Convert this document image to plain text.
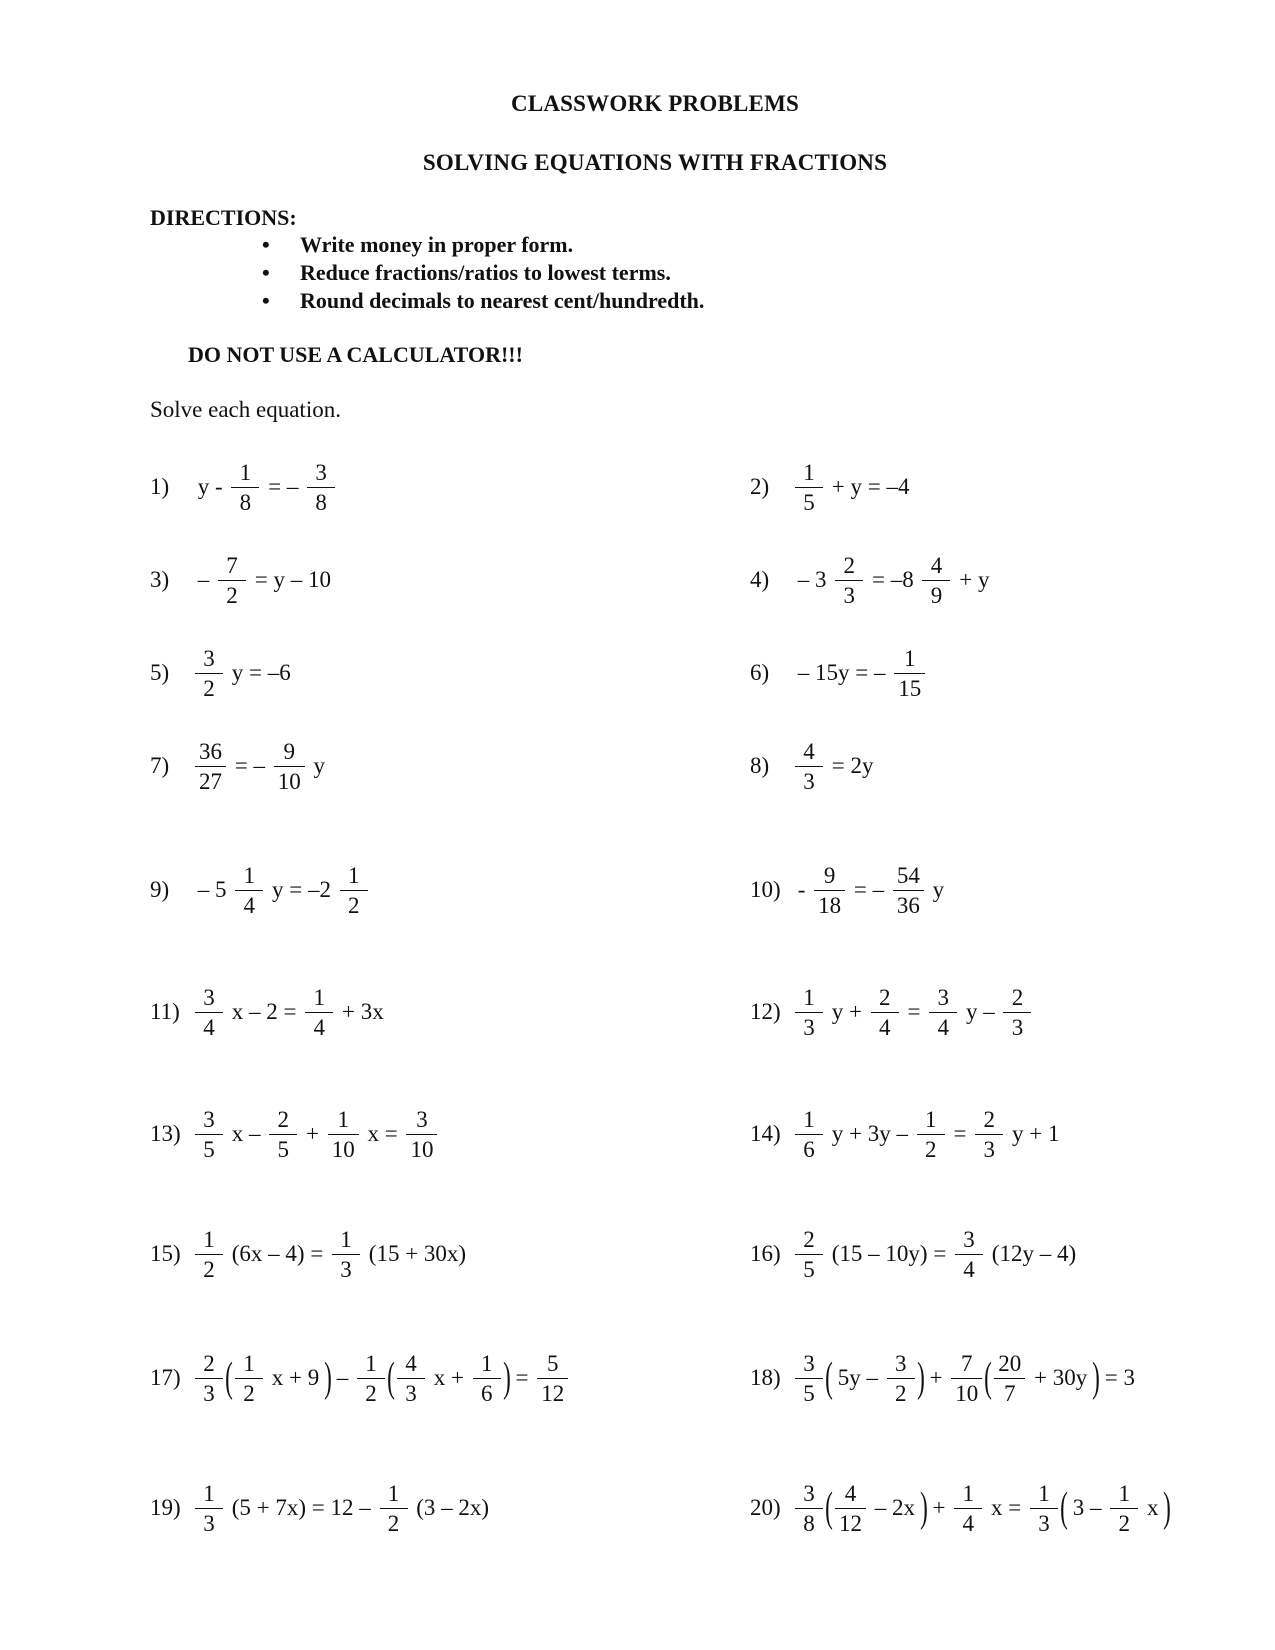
CLASSWORK PROBLEMS
SOLVING EQUATIONS WITH FRACTIONS
DIRECTIONS:
• Write money in proper form.
• Reduce fractions/ratios to lowest terms.
• Round decimals to nearest cent/hundredth.
DO NOT USE A CALCULATOR!!!
Solve each equation.
1) y - $\frac{1}{8}$ = – $\frac{3}{8}$	2)	$\frac{1}{5} + y = -4$
$3) - \frac{7}{2} = y - 10$	$4) - 3 \frac{2}{3} = -8 \frac{4}{9} + y$
5)	$\frac{3}{2}$ y = –6	6) – 15y = – $\frac{1}{15}$
7)	$\frac{36}{27}$ = – $\frac{9}{10}$ y	8)	$\frac{4}{3} = 2y$
$9) - 5 \frac{1}{4}$ $y = -2 \frac{1}{2}$	$10) - \frac{9}{18}$ = – $\frac{54}{36}$ y
$11) \frac{3}{4}$ $x - 2 = \frac{1}{4} + 3x$	$12) \frac{1}{3}$ $y + \frac{2}{4} = \frac{3}{4}$ y – $\frac{2}{3}$
$13) \frac{3}{5}$ $x - \frac{2}{5} + \frac{1}{10}$ $x = \frac{3}{10}$	$14) \frac{1}{6}$ $y + 3y - \frac{1}{2} = \frac{2}{3}$ y + 1
$15) \frac{1}{2} (6x - 4) = \frac{1}{3} (15 + 30x)$	$16) \frac{2}{5} (15 - 10y) = \frac{3}{4} (12y - 4)$
$17) \frac{2}{3}$ ( $\frac{1}{2}$ x + 9 ) – $\frac{1}{2}$ ( $\frac{4}{3}$ $x + \frac{1}{6}$ ) = $\frac{5}{12}$	$18) \frac{3}{5}$ ( $5y - \frac{3}{2}$ ) + $\frac{7}{10}$ ( $\frac{20}{7} + 30y$ ) = 3
$19) \frac{1}{3} (5 + 7x) = 12 - \frac{1}{2} (3 - 2x)$	$20) \frac{3}{8}$ ( $\frac{4}{12} - 2x$ ) + $\frac{1}{4}$ $x = \frac{1}{3}$ ( $3 - \frac{1}{2}$ x )
